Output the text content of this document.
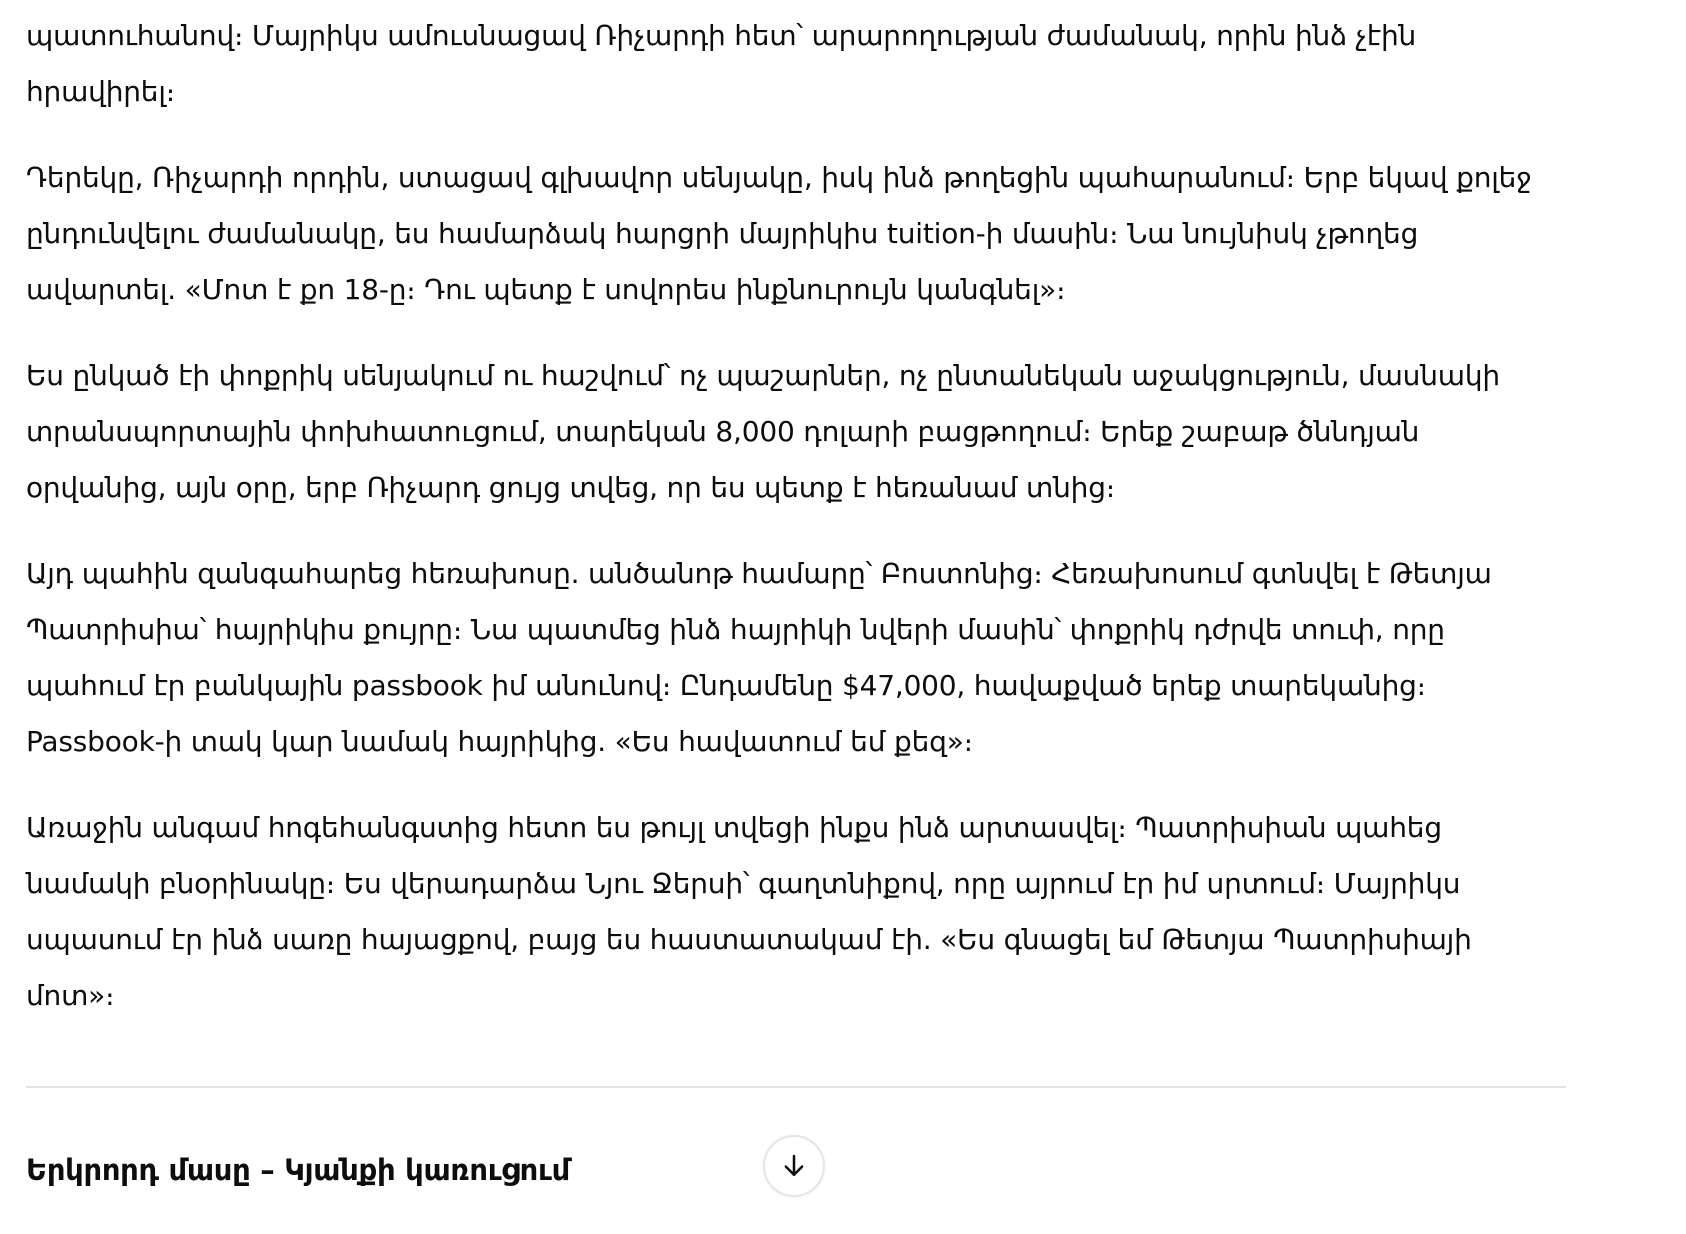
պատուհանով։ Մայրիկս ամուսնացավ Ռիչարդի հետ՝ արարողության ժամանակ, որին ինձ չէին հրավիրել։

Դերեկը, Ռիչարդի որդին, ստացավ գլխավոր սենյակը, իսկ ինձ թողեցին պահարանում։ Երբ եկավ քոլեջ ընդունվելու ժամանակը, ես համարձակ հարցրի մայրիկիս tuition-ի մասին։ Նա նույնիսկ չթողեց ավարտել. «Մոտ է քո 18-ը։ Դու պետք է սովորես ինքնուրույն կանգնել»։

Ես ընկած էի փոքրիկ սենյակում ու հաշվում՝ ոչ պաշարներ, ոչ ընտանեկան աջակցություն, մասնակի տրանսպորտային փոխհատուցում, տարեկան 8,000 դոլարի բացթողում։ Երեք շաբաթ ծննդյան օրվանից, այն օրը, երբ Ռիչարդ ցույց տվեց, որ ես պետք է հեռանամ տնից։

Այդ պահին զանգահարեց հեռախոսը. անծանոթ համարը՝ Բոստոնից։ Հեռախոսում գտնվել է Թետյա Պատրիսիա՝ հայրիկիս քույրը։ Նա պատմեց ինձ հայրիկի նվերի մասին՝ փոքրիկ դժրվե տուփ, որը պահում էր բանկային passbook իմ անունով։ Ընդամենը $47,000, հավաքված երեք տարեկանից։ Passbook-ի տակ կար նամակ հայրիկից. «Ես հավատում եմ քեզ»։

Առաջին անգամ հոգեհանգստից հետո ես թույլ տվեցի ինքս ինձ արտասվել։ Պատրիսիան պահեց նամակի բնօրինակը։ Ես վերադարձա Նյու Ջերսի՝ գաղտնիքով, որը այրում էր իմ սրտում։ Մայրիկս սպասում էր ինձ սառը հայացքով, բայց ես հաստատակամ էի. «Ես գնացել եմ Թետյա Պատրիսիայի մոտ»։

Երկրորդ մասը – Կյանքի կառուցում
